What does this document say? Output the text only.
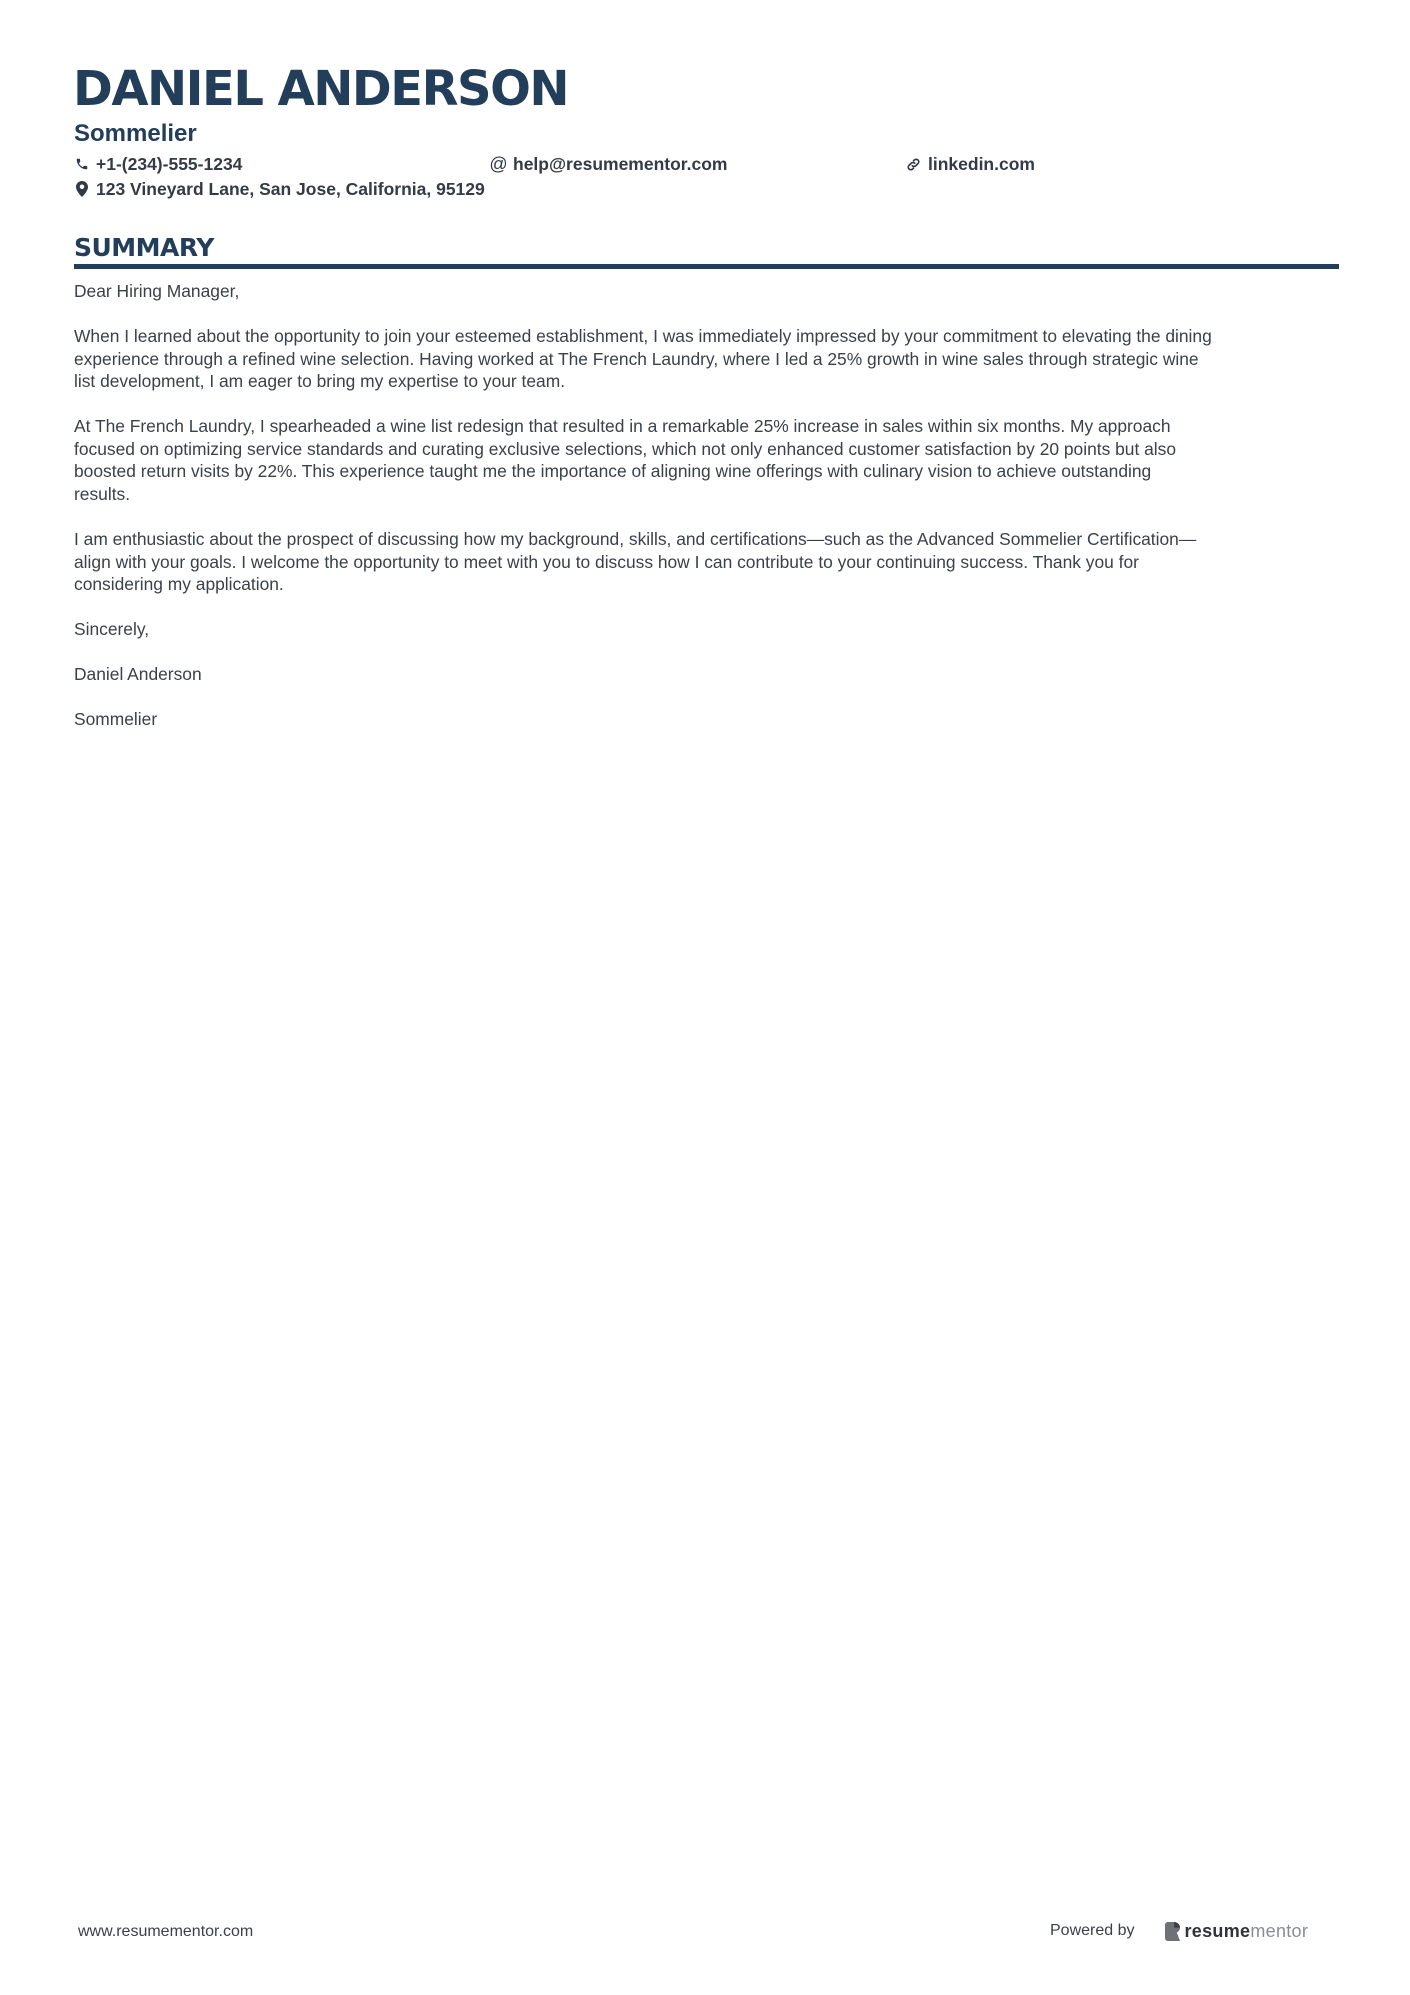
DANIEL ANDERSON
Sommelier
+1-(234)-555-1234	@ help@resumementor.com	linkedin.com
123 Vineyard Lane, San Jose, California, 95129
SUMMARY

Dear Hiring Manager,

When I learned about the opportunity to join your esteemed establishment, I was immediately impressed by your commitment to elevating the dining
experience through a refined wine selection. Having worked at The French Laundry, where I led a 25% growth in wine sales through strategic wine
list development, I am eager to bring my expertise to your team.

At The French Laundry, I spearheaded a wine list redesign that resulted in a remarkable 25% increase in sales within six months. My approach
focused on optimizing service standards and curating exclusive selections, which not only enhanced customer satisfaction by 20 points but also
boosted return visits by 22%. This experience taught me the importance of aligning wine offerings with culinary vision to achieve outstanding
results.

I am enthusiastic about the prospect of discussing how my background, skills, and certifications—such as the Advanced Sommelier Certification—
align with your goals. I welcome the opportunity to meet with you to discuss how I can contribute to your continuing success. Thank you for
considering my application.

Sincerely,

Daniel Anderson

Sommelier

www.resumementor.com	Powered by	resumementor
